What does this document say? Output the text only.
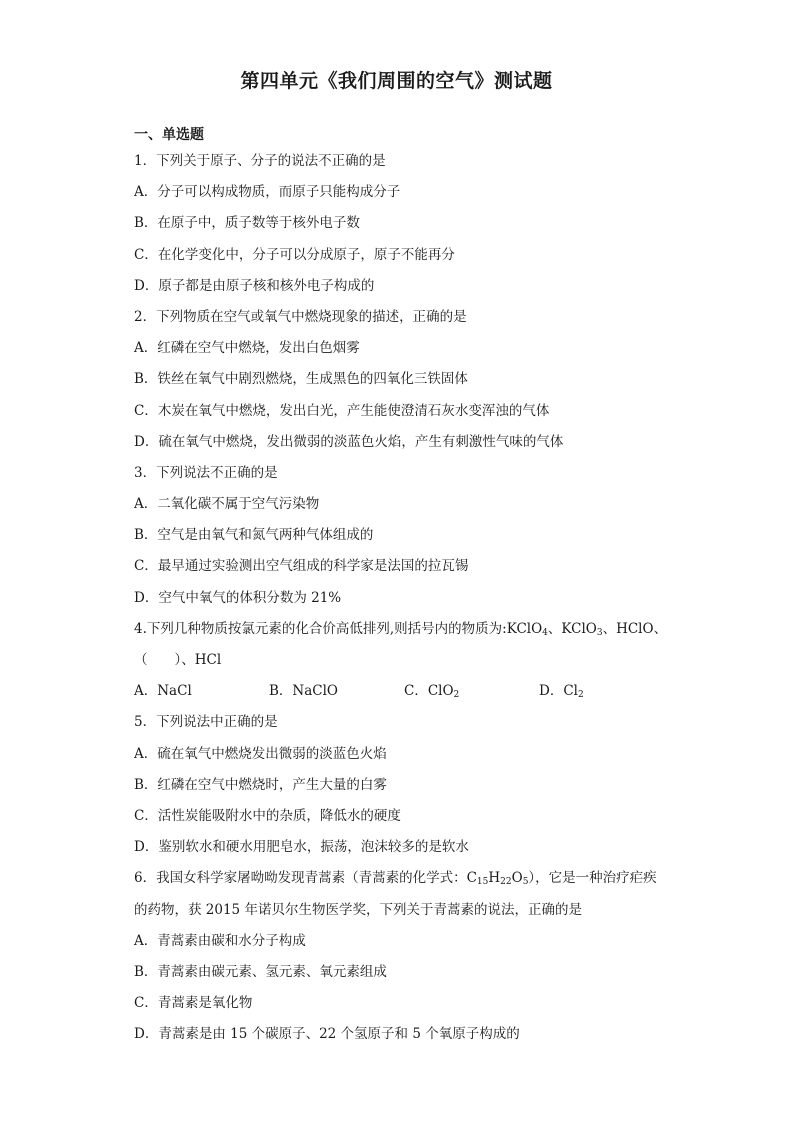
第四单元《我们周围的空气》测试题
一、单选题
1．下列关于原子、分子的说法不正确的是
A．分子可以构成物质，而原子只能构成分子
B．在原子中，质子数等于核外电子数
C．在化学变化中，分子可以分成原子，原子不能再分
D．原子都是由原子核和核外电子构成的
2．下列物质在空气或氧气中燃烧现象的描述，正确的是
A．红磷在空气中燃烧，发出白色烟雾
B．铁丝在氧气中剧烈燃烧，生成黑色的四氧化三铁固体
C．木炭在氧气中燃烧，发出白光，产生能使澄清石灰水变浑浊的气体
D．硫在氧气中燃烧，发出微弱的淡蓝色火焰，产生有刺激性气味的气体
3．下列说法不正确的是
A．二氧化碳不属于空气污染物
B．空气是由氧气和氮气两种气体组成的
C．最早通过实验测出空气组成的科学家是法国的拉瓦锡
D．空气中氧气的体积分数为 21%
4.下列几种物质按氯元素的化合价高低排列,则括号内的物质为:KClO$_4$、KClO$_3$、HClO、
（　　）、HCl
A．NaCl	B．NaClO	C．ClO$_2$	D．$Cl_2$
5．下列说法中正确的是
A．硫在氧气中燃烧发出微弱的淡蓝色火焰
B．红磷在空气中燃烧时，产生大量的白雾
C．活性炭能吸附水中的杂质，降低水的硬度
D．鉴别软水和硬水用肥皂水，振荡，泡沫较多的是软水
6．我国女科学家屠呦呦发现青蒿素（青蒿素的化学式：$C_{15}H_{22}O_5$），它是一种治疗疟疾
的药物，获 2015 年诺贝尔生物医学奖，下列关于青蒿素的说法，正确的是
A．青蒿素由碳和水分子构成
B．青蒿素由碳元素、氢元素、氧元素组成
C．青蒿素是氧化物
D．青蒿素是由 15 个碳原子、22 个氢原子和 5 个氧原子构成的
